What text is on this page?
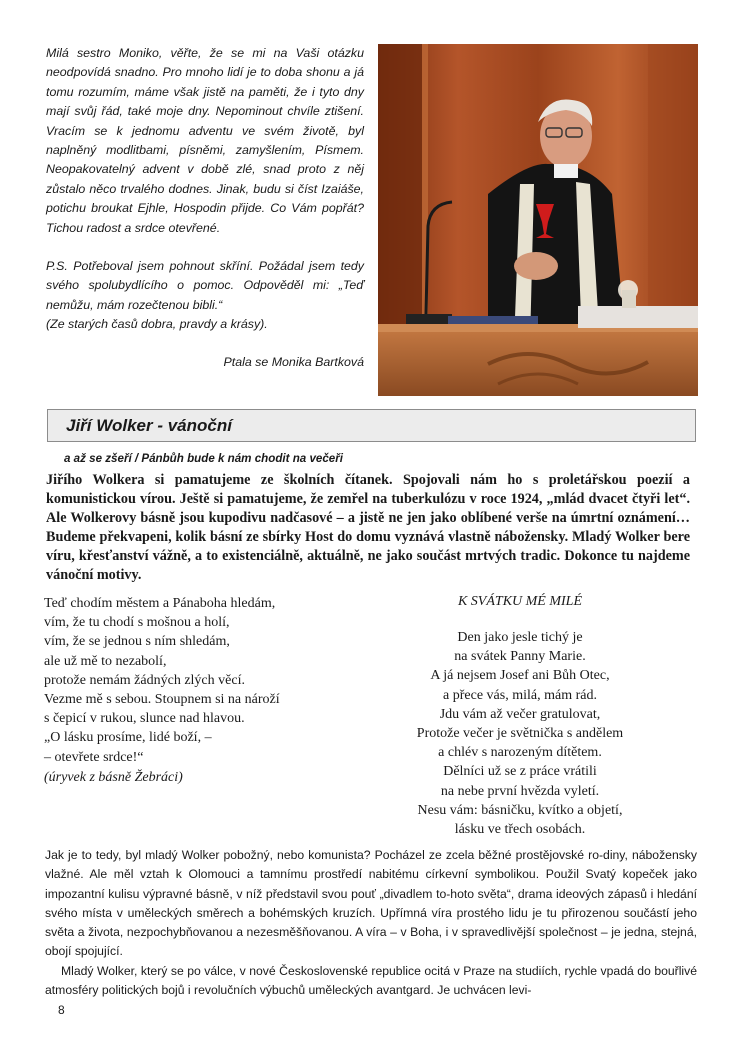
Milá sestro Moniko, věřte, že se mi na Vaši otázku neodpovídá snadno. Pro mnoho lidí je to doba shonu a já tomu rozumím, máme však jistě na paměti, že i tyto dny mají svůj řád, také moje dny. Nepominout chvíle ztišení. Vracím se k jednomu adventu ve svém životě, byl naplněný modlitbami, písněmi, zamyšlením, Písmem. Neopakovatelný advent v době zlé, snad proto z něj zůstalo něco trvalého dodnes. Jinak, budu si číst Izaiáše, potichu broukat Ejhle, Hospodin přijde. Co Vám popřát? Tichou radost a srdce otevřené.

P.S. Potřeboval jsem pohnout skříní. Požádal jsem tedy svého spolubydlícího o pomoc. Odpověděl mi: „Teď nemůžu, mám rozečtenou bibli.“

(Ze starých časů dobra, pravdy a krásy).

Ptala se Monika Bartková

Jiří Wolker - vánoční
a až se zšeří / Pánbůh bude k nám chodit na večeři
Jiřího Wolkera si pamatujeme ze školních čítanek. Spojovali nám ho s proletářskou poezií a komunistickou vírou. Ještě si pamatujeme, že zemřel na tuberkulózu v roce 1924, „mlád dvacet čtyři let“. Ale Wolkerovy básně jsou kupodivu nadčasové – a jistě ne jen jako oblíbené verše na úmrtní oznámení… Budeme překvapeni, kolik básní ze sbírky Host do domu vyznává vlastně nábožensky. Mladý Wolker bere víru, křesťanství vážně, a to existenciálně, aktuálně, ne jako součást mrtvých tradic. Dokonce tu najdeme vánoční motivy.
Teď chodím městem a Pánaboha hledám,
vím, že tu chodí s mošnou a holí,
vím, že se jednou s ním shledám,
ale už mě to nezabolí,
protože nemám žádných zlých věcí.
Vezme mě s sebou. Stoupnem si na nároží
s čepicí v rukou, slunce nad hlavou.
„O lásku prosíme, lidé boží, –
– otevřete srdce!“
(úryvek z básně Žebráci)
K SVÁTKU MÉ MILÉ
Den jako jesle tichý je
na svátek Panny Marie.
A já nejsem Josef ani Bůh Otec,
a přece vás, milá, mám rád.
Jdu vám až večer gratulovat,
Protože večer je světnička s andělem
a chlév s narozeným dítětem.
Dělníci už se z práce vrátili
na nebe první hvězda vyletí.
Nesu vám: básničku, kvítko a objetí,
lásku ve třech osobách.

Jak je to tedy, byl mladý Wolker pobožný, nebo komunista? Pocházel ze zcela běžné prostějovské ro-diny, nábožensky vlažné. Ale měl vztah k Olomouci a tamnímu prostředí nabitému církevní symbolikou. Použil Svatý kopeček jako impozantní kulisu výpravné básně, v níž představil svou pouť „divadlem to-hoto světa“, drama ideových zápasů i hledání svého místa v uměleckých směrech a bohémských kruzích. Upřímná víra prostého lidu je tu přirozenou součástí jeho světa a života, nezpochybňovanou a nezesměšňovanou. A víra – v Boha, i v spravedlivější společnost – je jedna, stejná, obojí spojující.

Mladý Wolker, který se po válce, v nové Československé republice ocitá v Praze na studiích, rychle vpadá do bouřlivé atmosféry politických bojů i revolučních výbuchů uměleckých avantgard. Je uchvácen levi-

8
